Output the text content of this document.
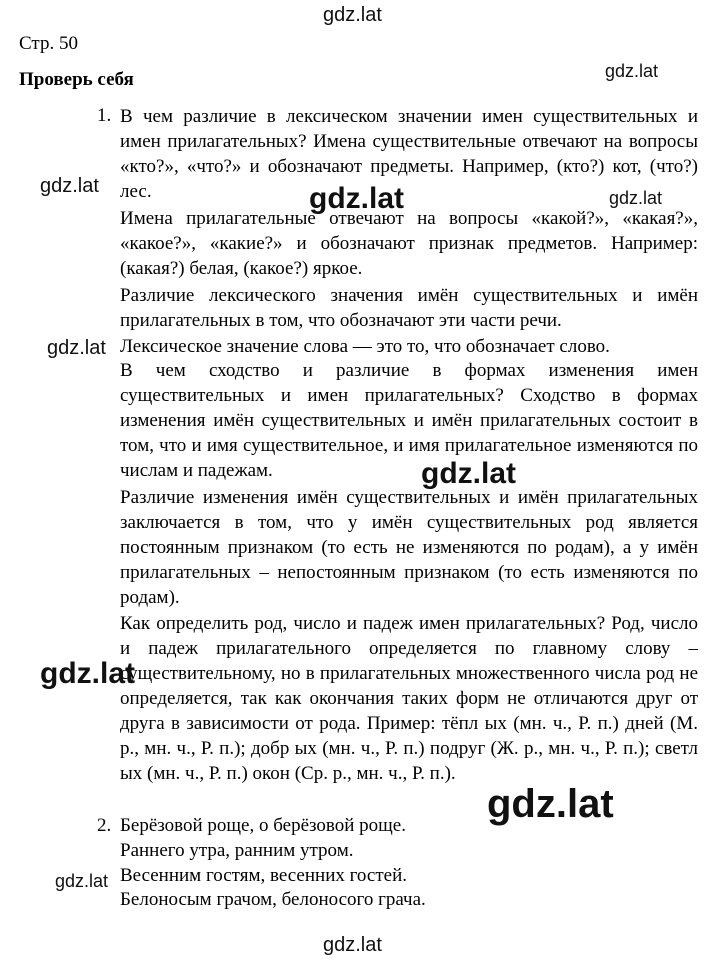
Стр. 50
Проверь себя
1. В чем различие в лексическом значении имен существительных и имен прилагательных? Имена существительные отвечают на вопросы «кто?», «что?» и обозначают предметы. Например, (кто?) кот, (что?) лес.
Имена прилагательные отвечают на вопросы «какой?», «какая?», «какое?», «какие?» и обозначают признак предметов. Например: (какая?) белая, (какое?) яркое.
Различие лексического значения имён существительных и имён прилагательных в том, что обозначают эти части речи.
Лексическое значение слова — это то, что обозначает слово.
В чем сходство и различие в формах изменения имен существительных и имен прилагательных? Сходство в формах изменения имён существительных и имён прилагательных состоит в том, что и имя существительное, и имя прилагательное изменяются по числам и падежам.
Различие изменения имён существительных и имён прилагательных заключается в том, что у имён существительных род является постоянным признаком (то есть не изменяются по родам), а у имён прилагательных – непостоянным признаком (то есть изменяются по родам).
Как определить род, число и падеж имен прилагательных? Род, число и падеж прилагательного определяется по главному слову – существительному, но в прилагательных множественного числа род не определяется, так как окончания таких форм не отличаются друг от друга в зависимости от рода. Пример: тёпл ых (мн. ч., Р. п.) дней (М. р., мн. ч., Р. п.); добр ых (мн. ч., Р. п.) подруг (Ж. р., мн. ч., Р. п.); светл ых (мн. ч., Р. п.) окон (Ср. р., мн. ч., Р. п.).
2. Берёзовой роще, о берёзовой роще.
Раннего утра, ранним утром.
Весенним гостям, весенних гостей.
Белоносым грачом, белоносого грача.
gdz.lat
gdz.lat
gdz.lat	gdz.lat	gdz.lat
gdz.lat
gdz.lat
gdz.lat
gdz.lat
gdz.lat
gdz.lat
